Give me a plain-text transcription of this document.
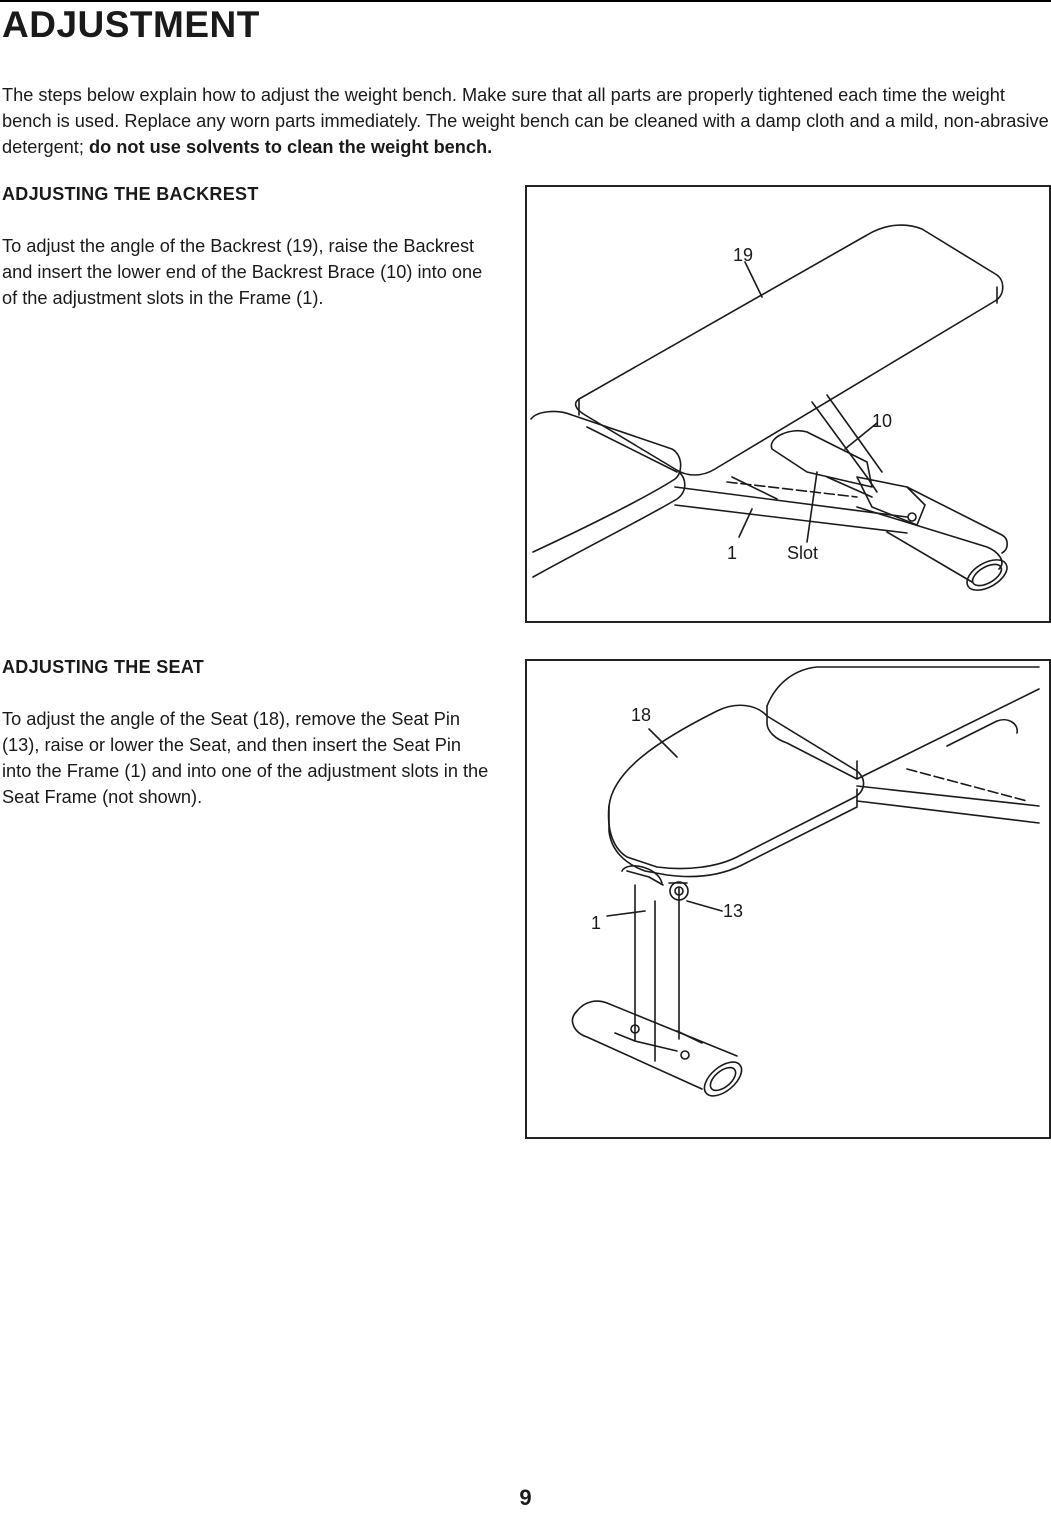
ADJUSTMENT

The steps below explain how to adjust the weight bench. Make sure that all parts are properly tightened each time the weight bench is used. Replace any worn parts immediately. The weight bench can be cleaned with a damp cloth and a mild, non-abrasive detergent; do not use solvents to clean the weight bench.

ADJUSTING THE BACKREST

To adjust the angle of the Backrest (19), raise the Backrest and insert the lower end of the Backrest Brace (10) into one of the adjustment slots in the Frame (1).

19
10
1	Slot
ADJUSTING THE SEAT

To adjust the angle of the Seat (18), remove the Seat Pin (13), raise or lower the Seat, and then insert the Seat Pin into the Frame (1) and into one of the adjustment slots in the Seat Frame (not shown).

18
1
13

9
